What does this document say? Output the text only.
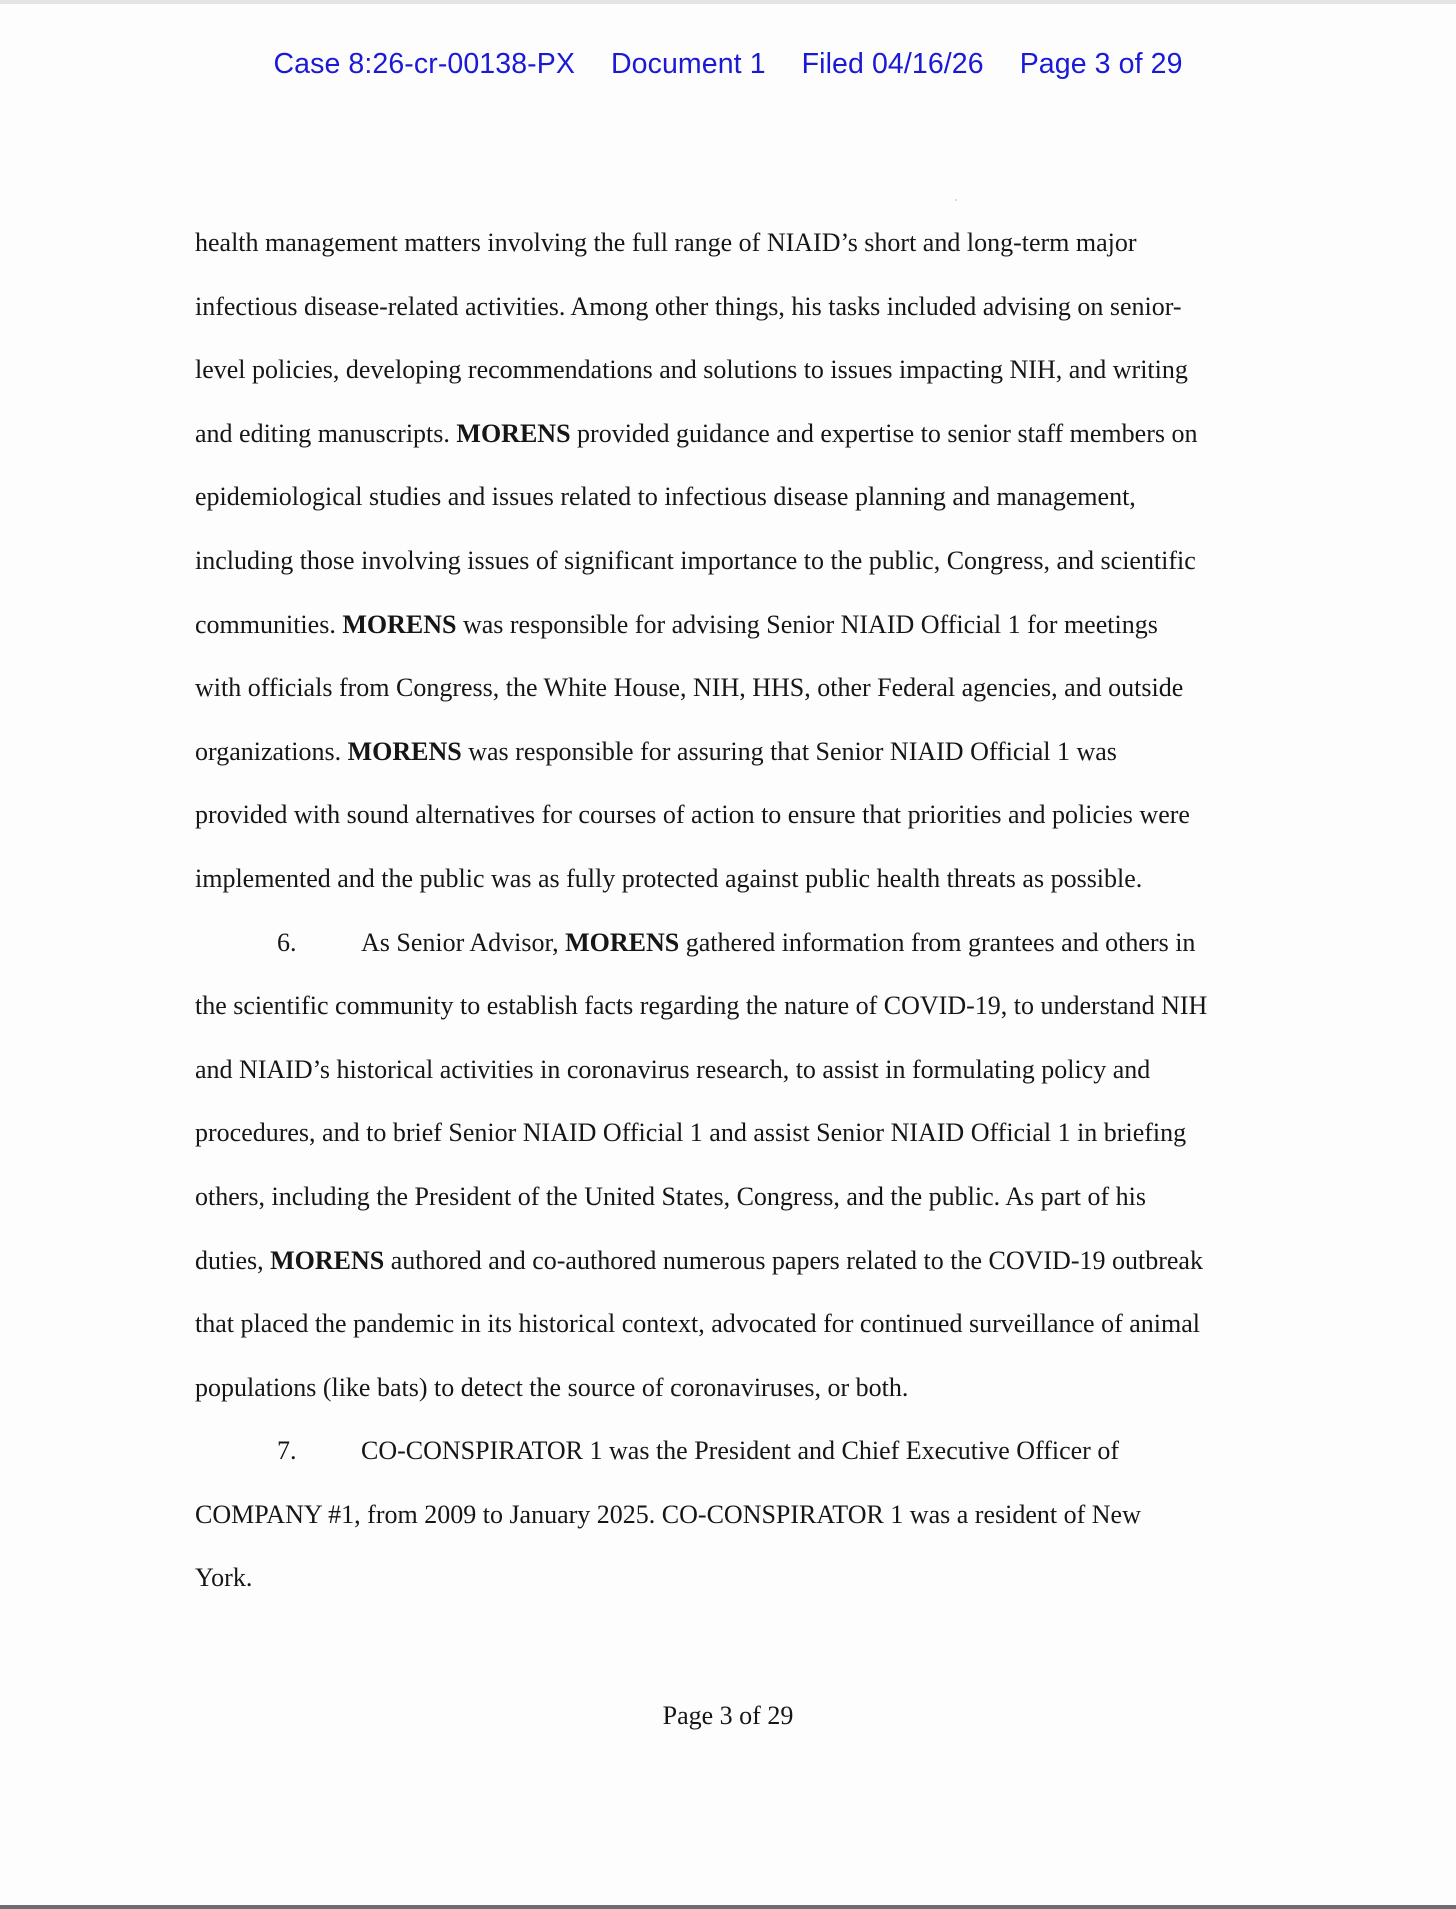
Case 8:26-cr-00138-PX Document 1 Filed 04/16/26 Page 3 of 29
health management matters involving the full range of NIAID’s short and long-term major
infectious disease-related activities. Among other things, his tasks included advising on senior-
level policies, developing recommendations and solutions to issues impacting NIH, and writing
and editing manuscripts. MORENS provided guidance and expertise to senior staff members on
epidemiological studies and issues related to infectious disease planning and management,
including those involving issues of significant importance to the public, Congress, and scientific
communities. MORENS was responsible for advising Senior NIAID Official 1 for meetings
with officials from Congress, the White House, NIH, HHS, other Federal agencies, and outside
organizations. MORENS was responsible for assuring that Senior NIAID Official 1 was
provided with sound alternatives for courses of action to ensure that priorities and policies were
implemented and the public was as fully protected against public health threats as possible.
6. As Senior Advisor, MORENS gathered information from grantees and others in
the scientific community to establish facts regarding the nature of COVID-19, to understand NIH
and NIAID’s historical activities in coronavirus research, to assist in formulating policy and
procedures, and to brief Senior NIAID Official 1 and assist Senior NIAID Official 1 in briefing
others, including the President of the United States, Congress, and the public. As part of his
duties, MORENS authored and co-authored numerous papers related to the COVID-19 outbreak
that placed the pandemic in its historical context, advocated for continued surveillance of animal
populations (like bats) to detect the source of coronaviruses, or both.
7. CO-CONSPIRATOR 1 was the President and Chief Executive Officer of
COMPANY #1, from 2009 to January 2025. CO-CONSPIRATOR 1 was a resident of New
York.
Page 3 of 29
